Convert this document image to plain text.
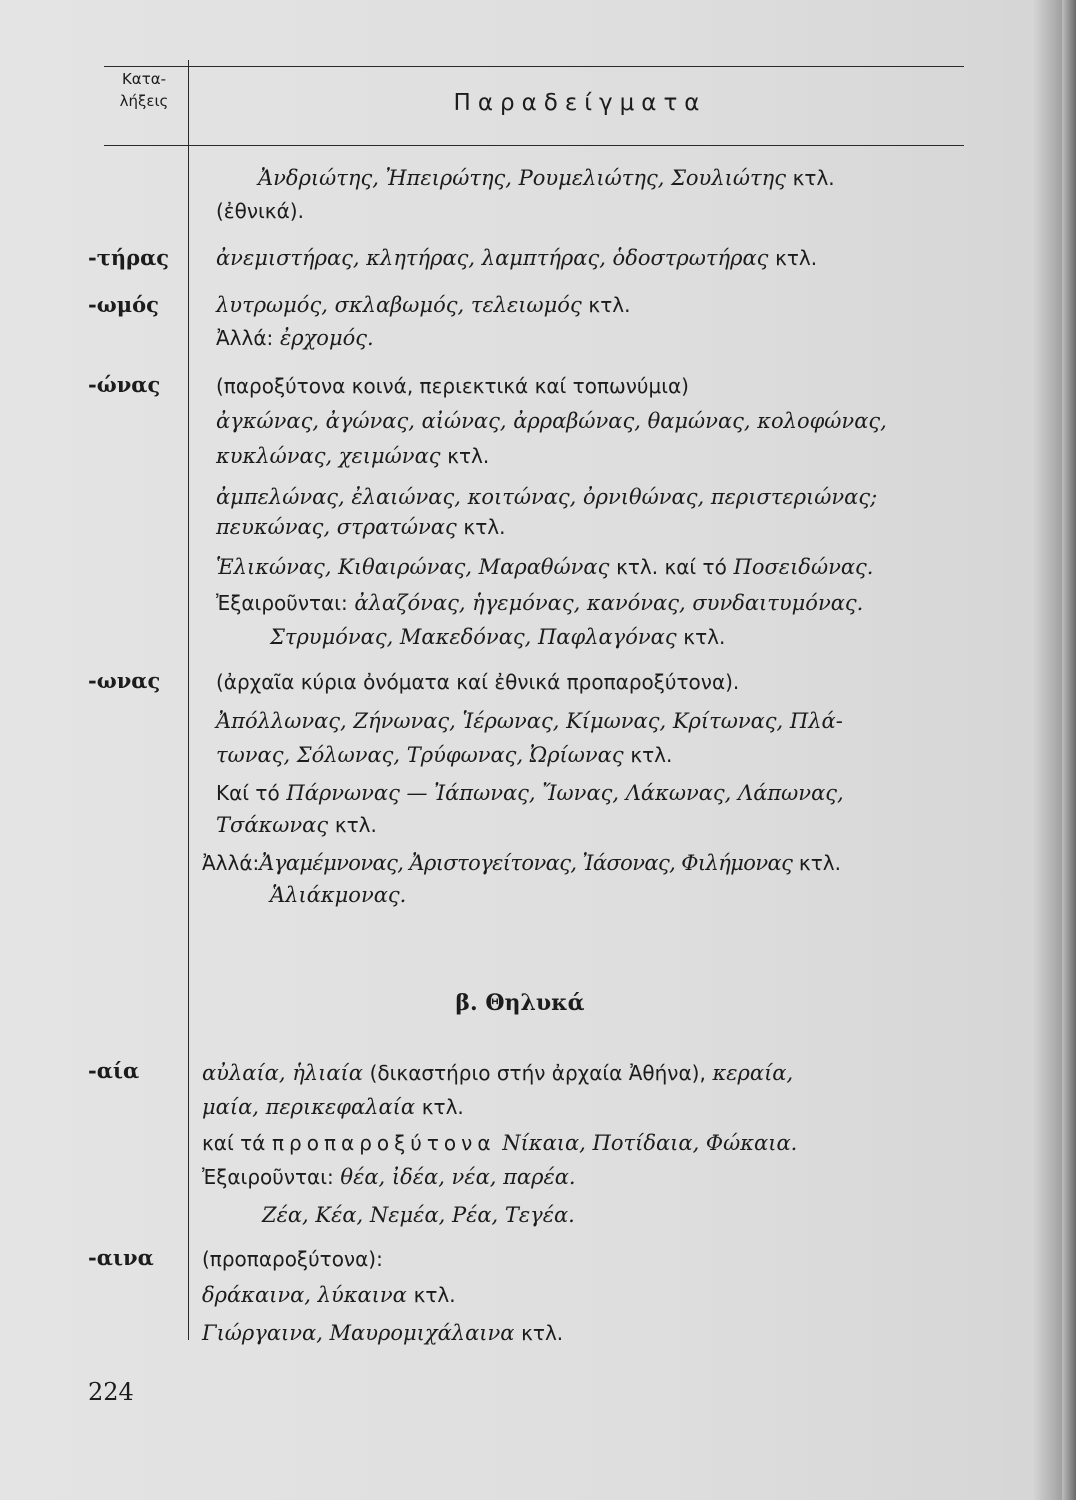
Κατα-
λήξεις	Παραδείγματα
Ἀνδριώτης, Ἠπειρώτης, Ρουμελιώτης, Σουλιώτης κτλ.
(ἐθνικά).
-τήρας	ἀνεμιστήρας, κλητήρας, λαμπτήρας, ὁδοστρωτήρας κτλ.
-ωμός	λυτρωμός, σκλαβωμός, τελειωμός κτλ.
Ἀλλά: ἐρχομός.
-ώνας	(παροξύτονα κοινά, περιεκτικά καί τοπωνύμια)
ἀγκώνας, ἀγώνας, αἰώνας, ἀρραβώνας, θαμώνας, κολοφώνας,
κυκλώνας, χειμώνας κτλ.
ἀμπελώνας, ἐλαιώνας, κοιτώνας, ὀρνιθώνας, περιστεριώνας;
πευκώνας, στρατώνας κτλ.
Ἑλικώνας, Κιθαιρώνας, Μαραθώνας κτλ. καί τό Ποσειδώνας.
Ἐξαιροῦνται: ἀλαζόνας, ἡγεμόνας, κανόνας, συνδαιτυμόνας.
Στρυμόνας, Μακεδόνας, Παφλαγόνας κτλ.
-ωνας	(ἀρχαῖα κύρια ὀνόματα καί ἐθνικά προπαροξύτονα).
Ἀπόλλωνας, Ζήνωνας, Ἱέρωνας, Κίμωνας, Κρίτωνας, Πλά-
τωνας, Σόλωνας, Τρύφωνας, Ὠρίωνας κτλ.
Καί τό Πάρνωνας — Ἰάπωνας, Ἴωνας, Λάκωνας, Λάπωνας,
Τσάκωνας κτλ.
Ἀλλά:Ἀγαμέμνονας, Ἀριστογείτονας, Ἰάσονας, Φιλήμονας κτλ.
Ἁλιάκμονας.
β. Θηλυκά
-αία	αὐλαία, ἡλιαία (δικαστήριο στήν ἀρχαία Ἀθήνα), κεραία,
μαία, περικεφαλαία κτλ.
καί τά προπαροξύτονα Νίκαια, Ποτίδαια, Φώκαια.
Ἐξαιροῦνται: θέα, ἰδέα, νέα, παρέα.
Ζέα, Κέα, Νεμέα, Ρέα, Τεγέα.
-αινα	(προπαροξύτονα):
δράκαινα, λύκαινα κτλ.
Γιώργαινα, Μαυρομιχάλαινα κτλ.
224
